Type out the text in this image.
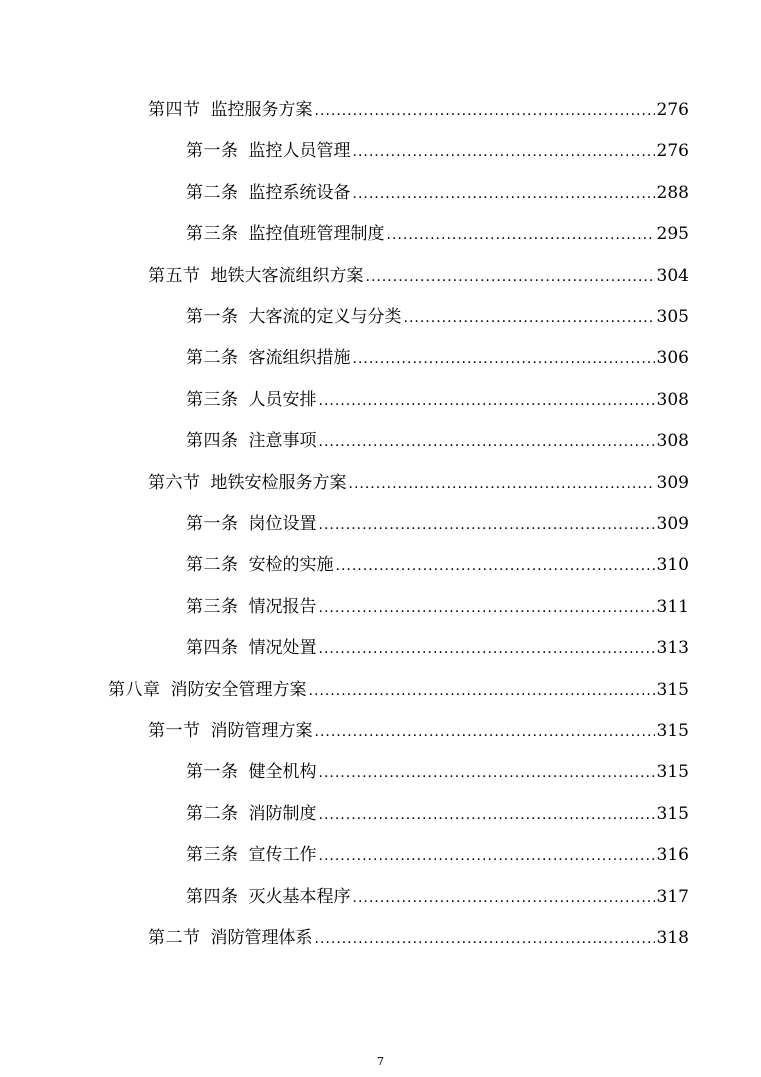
第四节 监控服务方案 .....	276
第一条 监控人员管理 .....	276
第二条 监控系统设备 .....	288
第三条 监控值班管理制度 .....	295
第五节 地铁大客流组织方案 .....	304
第一条 大客流的定义与分类 .....	305
第二条 客流组织措施 .....	306
第三条 人员安排 .....	308
第四条 注意事项 .....	308
第六节 地铁安检服务方案 .....	309
第一条 岗位设置 .....	309
第二条 安检的实施 .....	310
第三条 情况报告 .....	311
第四条 情况处置 .....	313
第八章 消防安全管理方案 .....	315
第一节 消防管理方案 .....	315
第一条 健全机构 .....	315
第二条 消防制度 .....	315
第三条 宣传工作 .....	316
第四条 灭火基本程序 .....	317
第二节 消防管理体系 .....	318
7
